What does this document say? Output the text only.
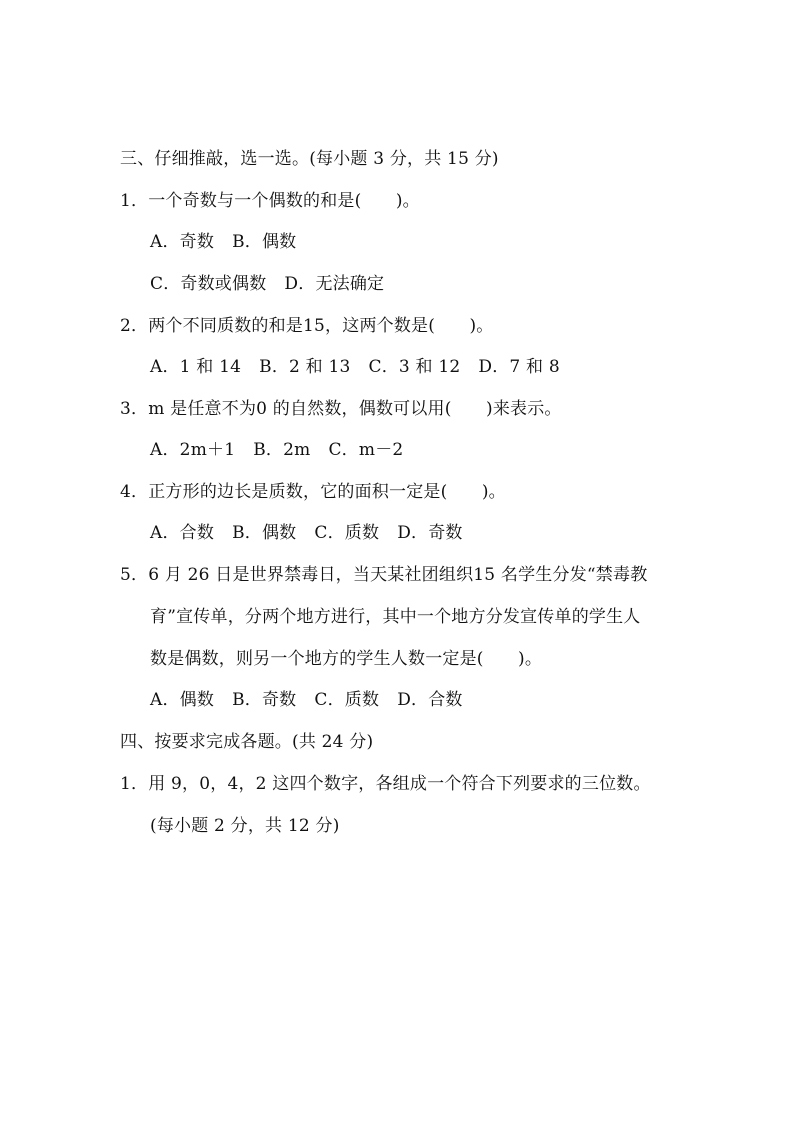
三、仔细推敲，选一选。(每小题 3 分，共 15 分)
1．一个奇数与一个偶数的和是(　　)。
A．奇数 B．偶数
C．奇数或偶数 D．无法确定
2．两个不同质数的和是15，这两个数是(　　)。
A．1 和 14 B．2 和 13 C．3 和 12 D．7 和 8
3．m 是任意不为0 的自然数，偶数可以用(　　)来表示。
A．2m＋1 B．2m C．m－2
4．正方形的边长是质数，它的面积一定是(　　)。
A．合数 B．偶数 C．质数 D．奇数
5．6 月 26 日是世界禁毒日，当天某社团组织15 名学生分发“禁毒教
育”宣传单，分两个地方进行，其中一个地方分发宣传单的学生人
数是偶数，则另一个地方的学生人数一定是(　　)。
A．偶数 B．奇数 C．质数 D．合数
四、按要求完成各题。(共 24 分)
1．用 9，0，4，2 这四个数字，各组成一个符合下列要求的三位数。
(每小题 2 分，共 12 分)
